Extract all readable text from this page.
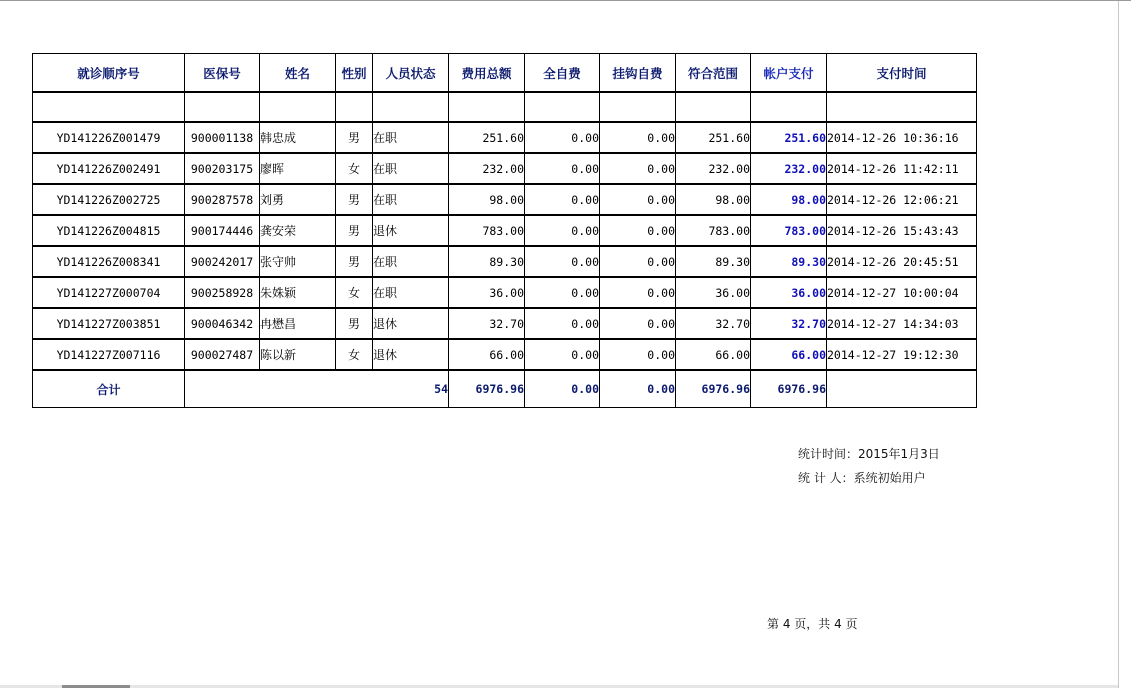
就诊顺序号	医保号	姓名	性别	人员状态	费用总额	全自费	挂钩自费	符合范围	帐户支付	支付时间

YD141226Z001479	900001138	韩忠成	男	在职	251.60	0.00	0.00	251.60	251.60	2014-12-26 10:36:16
YD141226Z002491	900203175	廖晖	女	在职	232.00	0.00	0.00	232.00	232.00	2014-12-26 11:42:11
YD141226Z002725	900287578	刘勇	男	在职	98.00	0.00	0.00	98.00	98.00	2014-12-26 12:06:21
YD141226Z004815	900174446	龚安荣	男	退休	783.00	0.00	0.00	783.00	783.00	2014-12-26 15:43:43
YD141226Z008341	900242017	张守帅	男	在职	89.30	0.00	0.00	89.30	89.30	2014-12-26 20:45:51
YD141227Z000704	900258928	朱姝颖	女	在职	36.00	0.00	0.00	36.00	36.00	2014-12-27 10:00:04
YD141227Z003851	900046342	冉懋昌	男	退休	32.70	0.00	0.00	32.70	32.70	2014-12-27 14:34:03
YD141227Z007116	900027487	陈以新	女	退休	66.00	0.00	0.00	66.00	66.00	2014-12-27 19:12:30
合计	54				6976.96	0.00	0.00	6976.96	6976.96	
统计时间：2015年1月3日
统 计 人：系统初始用户
第 4 页，共 4 页
